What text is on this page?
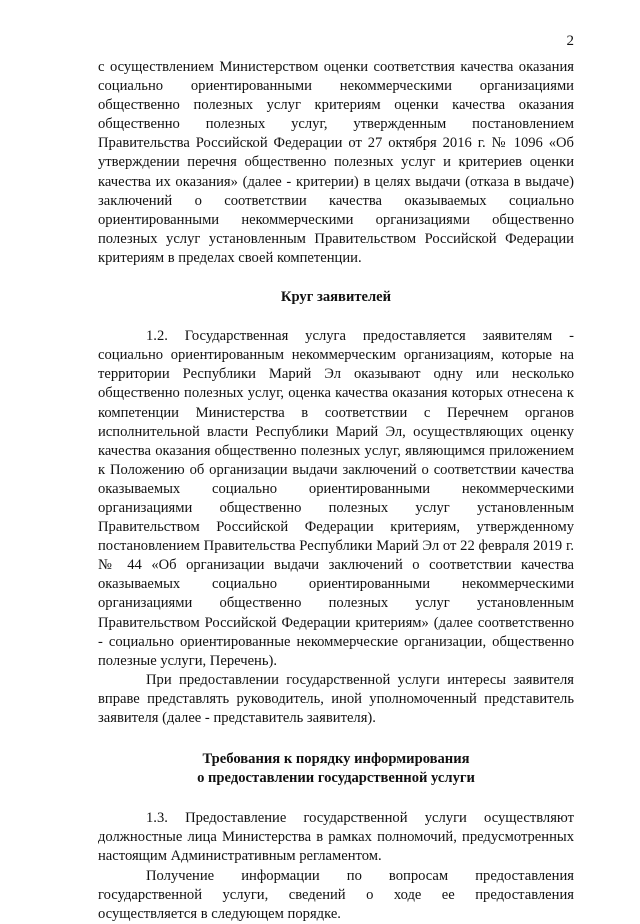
2

с осуществлением Министерством оценки соответствия качества оказания социально ориентированными некоммерческими организациями общественно полезных услуг критериям оценки качества оказания общественно полезных услуг, утвержденным постановлением Правительства Российской Федерации от 27 октября 2016 г. № 1096 «Об утверждении перечня общественно полезных услуг и критериев оценки качества их оказания» (далее - критерии) в целях выдачи (отказа в выдаче) заключений о соответствии качества оказываемых социально ориентированными некоммерческими организациями общественно полезных услуг установленным Правительством Российской Федерации критериям в пределах своей компетенции.

Круг заявителей

1.2. Государственная услуга предоставляется заявителям - социально ориентированным некоммерческим организациям, которые на территории Республики Марий Эл оказывают одну или несколько общественно полезных услуг, оценка качества оказания которых отнесена к компетенции Министерства в соответствии с Перечнем органов исполнительной власти Республики Марий Эл, осуществляющих оценку качества оказания общественно полезных услуг, являющимся приложением к Положению об организации выдачи заключений о соответствии качества оказываемых социально ориентированными некоммерческими организациями общественно полезных услуг установленным Правительством Российской Федерации критериям, утвержденному постановлением Правительства Республики Марий Эл от 22 февраля 2019 г. № 44 «Об организации выдачи заключений о соответствии качества оказываемых социально ориентированными некоммерческими организациями общественно полезных услуг установленным Правительством Российской Федерации критериям» (далее соответственно - социально ориентированные некоммерческие организации, общественно полезные услуги, Перечень).

При предоставлении государственной услуги интересы заявителя вправе представлять руководитель, иной уполномоченный представитель заявителя (далее - представитель заявителя).

Требования к порядку информирования

о предоставлении государственной услуги

1.3. Предоставление государственной услуги осуществляют должностные лица Министерства в рамках полномочий, предусмотренных настоящим Административным регламентом.

Получение информации по вопросам предоставления государственной услуги, сведений о ходе ее предоставления осуществляется в следующем порядке.
